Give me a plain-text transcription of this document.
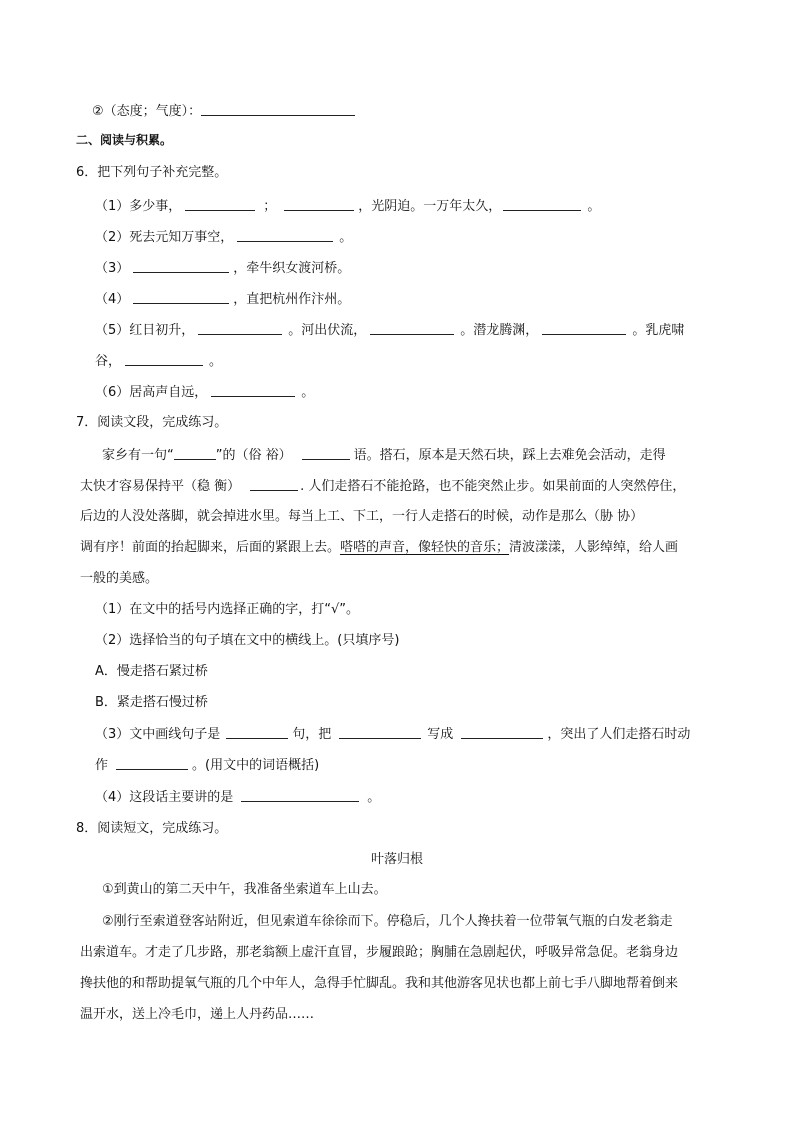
②（态度；气度）：
二、阅读与积累。
6．把下列句子补充完整。
（1）多少事，	；	，光阴迫。一万年太久，	。
（2）死去元知万事空，	。
（3）	，牵牛织女渡河桥。
（4）	，直把杭州作汴州。
（5）红日初升，	。河出伏流，	。潜龙腾渊，	。乳虎啸
谷，	。
（6）居高声自远，	。
7．阅读文段，完成练习。
家乡有一句“	”的（俗 裕）	语。搭石，原本是天然石块，踩上去难免会活动，走得
太快才容易保持平（稳 衡）	. 人们走搭石不能抢路，也不能突然止步。如果前面的人突然停住，
后边的人没处落脚，就会掉进水里。每当上工、下工，一行人走搭石的时候，动作是那么（胁 协）
调有序！前面的抬起脚来，后面的紧跟上去。嗒嗒的声音，像轻快的音乐；清波漾漾，人影绰绰，给人画
一般的美感。
（1）在文中的括号内选择正确的字，打“√”。
（2）选择恰当的句子填在文中的横线上。(只填序号)
A．慢走搭石紧过桥
B．紧走搭石慢过桥
（3）文中画线句子是	句，把	写成	，突出了人们走搭石时动
作	。(用文中的词语概括)
（4）这段话主要讲的是	。
8．阅读短文，完成练习。
叶落归根
①到黄山的第二天中午，我准备坐索道车上山去。
②刚行至索道登客站附近，但见索道车徐徐而下。停稳后，几个人搀扶着一位带氧气瓶的白发老翁走
出索道车。才走了几步路，那老翁额上虚汗直冒，步履踉跄；胸脯在急剧起伏，呼吸异常急促。老翁身边
搀扶他的和帮助提氧气瓶的几个中年人，急得手忙脚乱。我和其他游客见状也都上前七手八脚地帮着倒来
温开水，送上冷毛巾，递上人丹药品……
